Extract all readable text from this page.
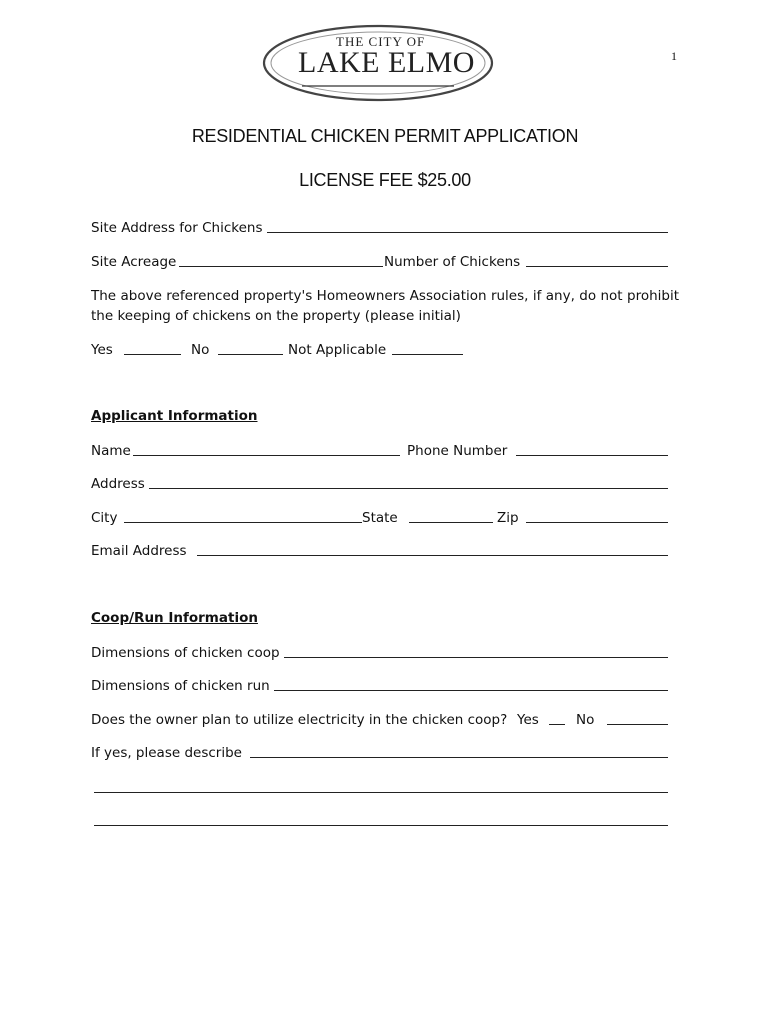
THE CITY OF
LAKE ELMO	1
RESIDENTIAL CHICKEN PERMIT APPLICATION
LICENSE FEE $25.00
Site Address for Chickens
Site Acreage	Number of Chickens
The above referenced property's Homeowners Association rules, if any, do not prohibit the keeping of chickens on the property (please initial)
Yes	No	Not Applicable
Applicant Information
Name	Phone Number
Address
City	State	Zip
Email Address
Coop/Run Information
Dimensions of chicken coop
Dimensions of chicken run
Does the owner plan to utilize electricity in the chicken coop? Yes	No
If yes, please describe
